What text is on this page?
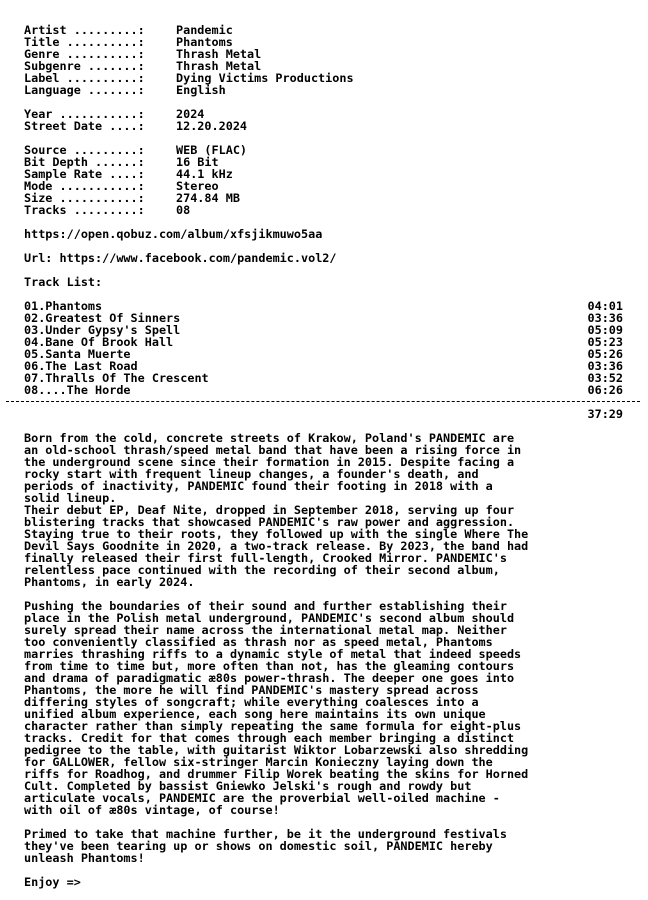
Artist .........:	Pandemic
Title ..........:	Phantoms
Genre ..........:	Thrash Metal
Subgenre .......:	Thrash Metal
Label ..........:	Dying Victims Productions
Language .......:	English
Year ...........:	2024
Street Date ....:	12.20.2024
Source .........:	WEB (FLAC)
Bit Depth ......:	16 Bit
Sample Rate ....:	44.1 kHz
Mode ...........:	Stereo
Size ...........:	274.84 MB
Tracks .........:	08
https://open.qobuz.com/album/xfsjikmuwo5aa
Url: https://www.facebook.com/pandemic.vol2/
Track List:
01.Phantoms	04:01
02.Greatest Of Sinners	03:36
03.Under Gypsy's Spell	05:09
04.Bane Of Brook Hall	05:23
05.Santa Muerte	05:26
06.The Last Road	03:36
07.Thralls Of The Crescent	03:52
08....The Horde	06:26
37:29
Born from the cold, concrete streets of Krakow, Poland's PANDEMIC are
an old-school thrash/speed metal band that have been a rising force in
the underground scene since their formation in 2015. Despite facing a
rocky start with frequent lineup changes, a founder's death, and
periods of inactivity, PANDEMIC found their footing in 2018 with a
solid lineup.
Their debut EP, Deaf Nite, dropped in September 2018, serving up four
blistering tracks that showcased PANDEMIC's raw power and aggression.
Staying true to their roots, they followed up with the single Where The
Devil Says Goodnite in 2020, a two-track release. By 2023, the band had
finally released their first full-length, Crooked Mirror. PANDEMIC's
relentless pace continued with the recording of their second album,
Phantoms, in early 2024.
Pushing the boundaries of their sound and further establishing their
place in the Polish metal underground, PANDEMIC's second album should
surely spread their name across the international metal map. Neither
too conveniently classified as thrash nor as speed metal, Phantoms
marries thrashing riffs to a dynamic style of metal that indeed speeds
from time to time but, more often than not, has the gleaming contours
and drama of paradigmatic æ80s power-thrash. The deeper one goes into
Phantoms, the more he will find PANDEMIC's mastery spread across
differing styles of songcraft; while everything coalesces into a
unified album experience, each song here maintains its own unique
character rather than simply repeating the same formula for eight-plus
tracks. Credit for that comes through each member bringing a distinct
pedigree to the table, with guitarist Wiktor Lobarzewski also shredding
for GALLOWER, fellow six-stringer Marcin Konieczny laying down the
riffs for Roadhog, and drummer Filip Worek beating the skins for Horned
Cult. Completed by bassist Gniewko Jelski's rough and rowdy but
articulate vocals, PANDEMIC are the proverbial well-oiled machine -
with oil of æ80s vintage, of course!
Primed to take that machine further, be it the underground festivals
they've been tearing up or shows on domestic soil, PANDEMIC hereby
unleash Phantoms!
Enjoy =>
